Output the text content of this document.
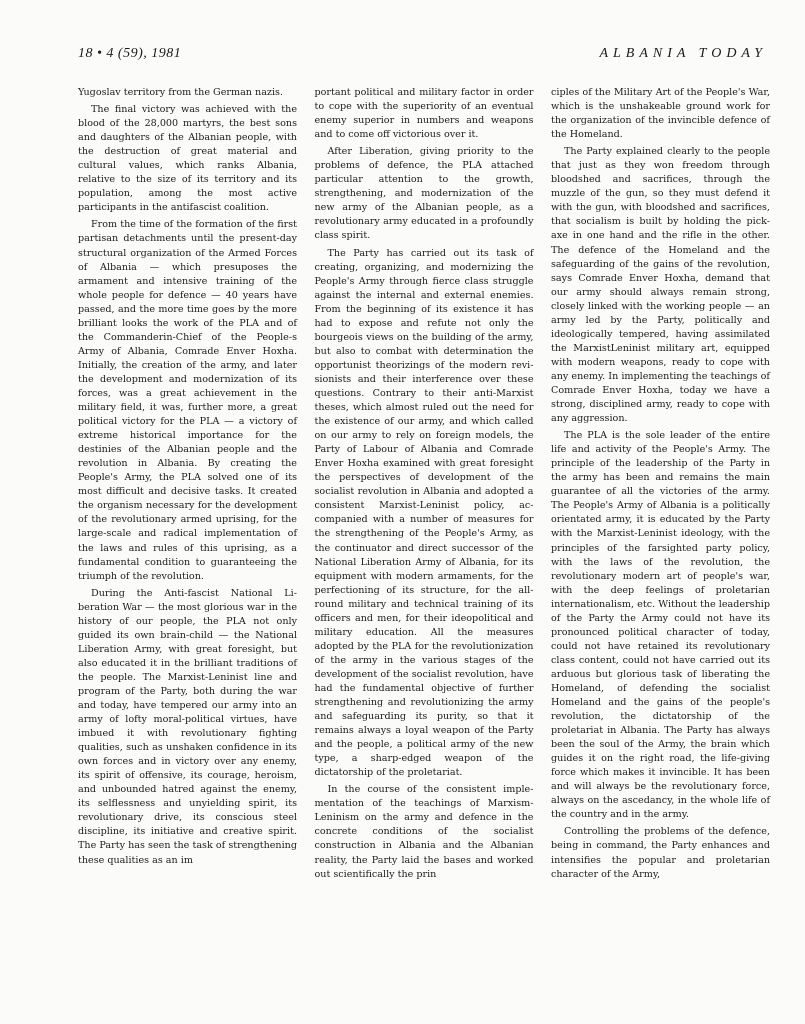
18 • 4 (59), 1981	ALBANIA TODAY

Yugoslav territory from the German nazis.

The final victory was achieved with the blood of the 28,000 martyrs, the best sons and daughters of the Albanian people, with the destruction of great material and cultural values, which ranks Albania, relative to the size of its territory and its population, among the most active participants in the antifascist coalition.

From the time of the formation of the first partisan detachments until the present-day structural organization of the Armed Forces of Albania — which presuposes the armament and intensive training of the whole people for defence — 40 years have passed, and the more time goes by the more brilliant looks the work of the PLA and of the Commanderin-Chief of the People-s Army of Albania, Comrade Enver Hoxha. Initially, the creation of the army, and later the development and modernization of its forces, was a great achievement in the military field, it was, further more, a great political victory for the PLA — a victory of extreme historical importance for the destinies of the Albanian people and the revolution in Albania. By creating the People's Army, the PLA solved one of its most difficult and decisive tasks. It created the organism necessary for the development of the revolutionary armed uprising, for the large-scale and radical implementation of the laws and rules of this uprising, as a fundamental condition to guaranteeing the triumph of the revolution.

During the Anti-fascist National Liberation War — the most glorious war in the history of our people, the PLA not only guided its own brain-child — the National Liberation Army, with great foresight, but also educated it in the brilliant traditions of the people. The Marxist-Leninist line and program of the Party, both during the war and today, have tempered our army into an army of lofty moral-political virtues, have imbued it with revolutionary fighting qualities, such as unshaken confidence in its own forces and in victory over any enemy, its spirit of offensive, its courage, heroism, and unbounded hatred against the enemy, its selflessness and unyielding spirit, its revolutionary drive, its conscious steel discipline, its initiative and creative spirit. The Party has seen the task of strengthening these qualities as an im

portant political and military factor in order to cope with the superiority of an eventual enemy superior in numbers and weapons and to come off victorious over it.

After Liberation, giving priority to the problems of defence, the PLA attached particular attention to the growth, strengthening, and modernization of the new army of the Albanian people, as a revolutionary army educated in a profoundly class spirit.

The Party has carried out its task of creating, organizing, and modernizing the People's Army through fierce class struggle against the internal and external enemies. From the beginning of its existence it has had to expose and refute not only the bourgeois views on the building of the army, but also to combat with determination the opportunist theorizings of the modern revisionists and their interference over these questions. Contrary to their anti-Marxist theses, which almost ruled out the need for the existence of our army, and which called on our army to rely on foreign models, the Party of Labour of Albania and Comrade Enver Hoxha examined with great foresight the perspectives of development of the socialist revolution in Albania and adopted a consistent Marxist-Leninist policy, accompanied with a number of measures for the strengthening of the People's Army, as the continuator and direct successor of the National Liberation Army of Albania, for its equipment with modern armaments, for the perfectioning of its structure, for the all-round military and technical training of its officers and men, for their ideopolitical and military education. All the measures adopted by the PLA for the revolutionization of the army in the various stages of the development of the socialist revolution, have had the fundamental objective of further strengthening and revolutionizing the army and safeguarding its purity, so that it remains always a loyal weapon of the Party and the people, a political army of the new type, a sharp-edged weapon of the dictatorship of the proletariat.

In the course of the consistent implementation of the teachings of MarxismLeninism on the army and defence in the concrete conditions of the socialist construction in Albania and the Albanian reality, the Party laid the bases and worked out scientifically the prin

ciples of the Military Art of the People's War, which is the unshakeable ground work for the organization of the invincible defence of the Homeland.

The Party explained clearly to the people that just as they won freedom through bloodshed and sacrifices, through the muzzle of the gun, so they must defend it with the gun, with bloodshed and sacrifices, that socialism is built by holding the pick-axe in one hand and the rifle in the other. The defence of the Homeland and the safeguarding of the gains of the revolution, says Comrade Enver Hoxha, demand that our army should always remain strong, closely linked with the working people — an army led by the Party, politically and ideologically tempered, having assimilated the MarxistLeninist military art, equipped with modern weapons, ready to cope with any enemy. In implementing the teachings of Comrade Enver Hoxha, today we have a strong, disciplined army, ready to cope with any aggression.

The PLA is the sole leader of the entire life and activity of the People's Army. The principle of the leadership of the Party in the army has been and remains the main guarantee of all the victories of the army. The People's Army of Albania is a politically orientated army, it is educated by the Party with the Marxist-Leninist ideology, with the principles of the farsighted party policy, with the laws of the revolution, the revolutionary modern art of people's war, with the deep feelings of proletarian internationalism, etc. Without the leadership of the Party the Army could not have its pronounced political character of today, could not have retained its revolutionary class content, could not have carried out its arduous but glorious task of liberating the Homeland, of defending the socialist Homeland and the gains of the people's revolution, the dictatorship of the proletariat in Albania. The Party has always been the soul of the Army, the brain which guides it on the right road, the life-giving force which makes it invincible. It has been and will always be the revolutionary force, always on the ascedancy, in the whole life of the country and in the army.

Controlling the problems of the defence, being in command, the Party enhances and intensifies the popular and proletarian character of the Army,
